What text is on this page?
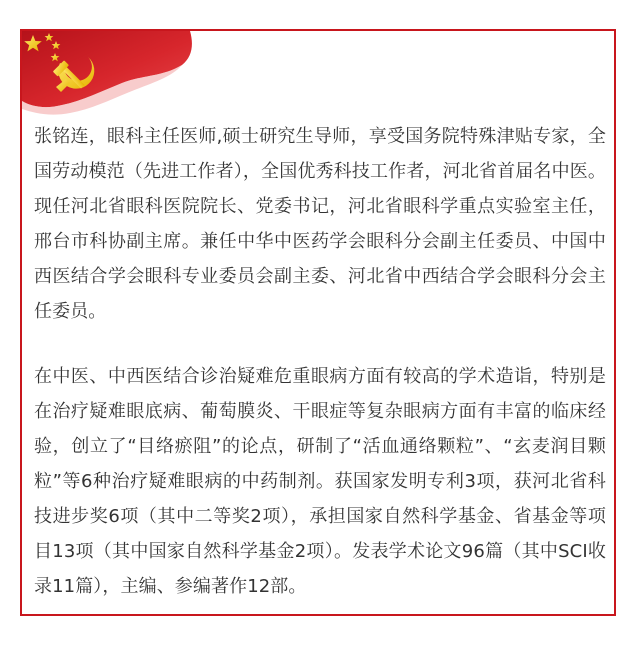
张铭连，眼科主任医师,硕士研究生导师，享受国务院特殊津贴专家，全国劳动模范（先进工作者），全国优秀科技工作者，河北省首届名中医。现任河北省眼科医院院长、党委书记，河北省眼科学重点实验室主任，邢台市科协副主席。兼任中华中医药学会眼科分会副主任委员、中国中西医结合学会眼科专业委员会副主委、河北省中西结合学会眼科分会主任委员。

在中医、中西医结合诊治疑难危重眼病方面有较高的学术造诣，特别是在治疗疑难眼底病、葡萄膜炎、干眼症等复杂眼病方面有丰富的临床经验，创立了“目络瘀阻”的论点，研制了“活血通络颗粒”、“玄麦润目颗粒”等6种治疗疑难眼病的中药制剂。获国家发明专利3项，获河北省科技进步奖6项（其中二等奖2项），承担国家自然科学基金、省基金等项目13项（其中国家自然科学基金2项）。发表学术论文96篇（其中SCI收录11篇），主编、参编著作12部。
